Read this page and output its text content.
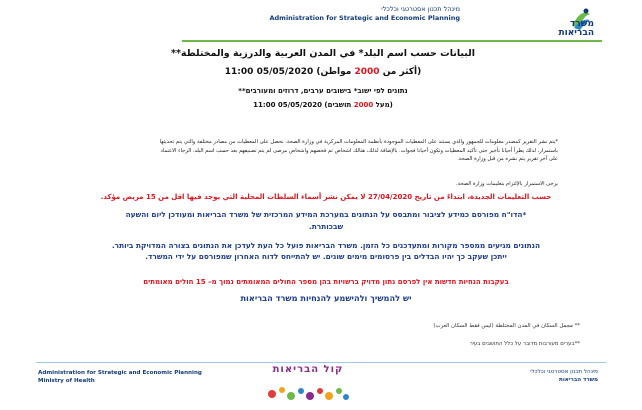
מינהל תכנון אסטרטגי וכלכלי
Administration for Strategic and Economic Planning
משרד
הבריאות
البيانات حسب اسم البلد* في المدن العربية والدرزية والمختلطة**
(أكثر من 2000 مواطن) 05/05/2020 11:00
נתונים לפי ישוב* בישובים ערבים, דרוזים ומעורבים**
(מעל 2000 תושבים) 05/05/2020 11:00
*يتم نشر التقرير كمصدر معلومات للجمهور والذي يستند على المعطيات الموجودة بأنظمة المعلومات المركزية في وزارة الصحة. نحصل على المعطيات من مصادر مختلفة والتي يتم تحديثها
باستمرار، لذلك يطرأ أحيانا تأخير حتى تأكيد المعطيات وتكون أحيانا فجوات. بالإضافة لذلك، هنالك اشخاص تم فحصهم واشخاص مرضى لم يتم تصنيفهم بعد حسب اسم البلد. الرجاء الاعتماد
على آخر تقرير يتم نشره من قبل وزارة الصحة.
يرجى الاستمرار بالإلتزام بتعليمات وزارة الصحة.
حسب التعليمات الجديدة، ابتداءً من تاريخ 27/04/2020 لا يمكن نشر أسماء السلطات المحلية التي يوجد فيها اقل من 15 مريض مؤكد.
*הדו"ח מפורסם כמידע לציבור ומתבסס על הנתונים במערכת המידע המרכזית של משרד הבריאות ומעודכן ליום והשעה
שבכותרת.
הנתונים מגיעים ממספר מקורות ומתעדכנים כל הזמן. משרד הבריאות פועל כל העת לעדכן את הנתונים בצורה המדויקת ביותר.
ייתכן שעקב כך יהיו הבדלים בין פרסומים מימים שונים. יש להתייחס לדוח האחרון שמפורסם על ידי המשרד.
בעקבות הנחיות חדשות אין לפרסם נתון מדויק ברשויות בהן מספר החולים המאומתים נמוך מ– 15 חולים מאומתים
יש להמשיך ולהישמע להנחיות משרד הבריאות
** مجمل السكان في المدن المختلطة (ليس فقط السكان العرب)
**בערים מעורבות מדובר על כלל התושבים בעיר
Administration for Strategic and Economic Planning
Ministry of Health
קול הבריאות	מינהל תכנון אסטרטגי וכלכלי
משרד הבריאות
